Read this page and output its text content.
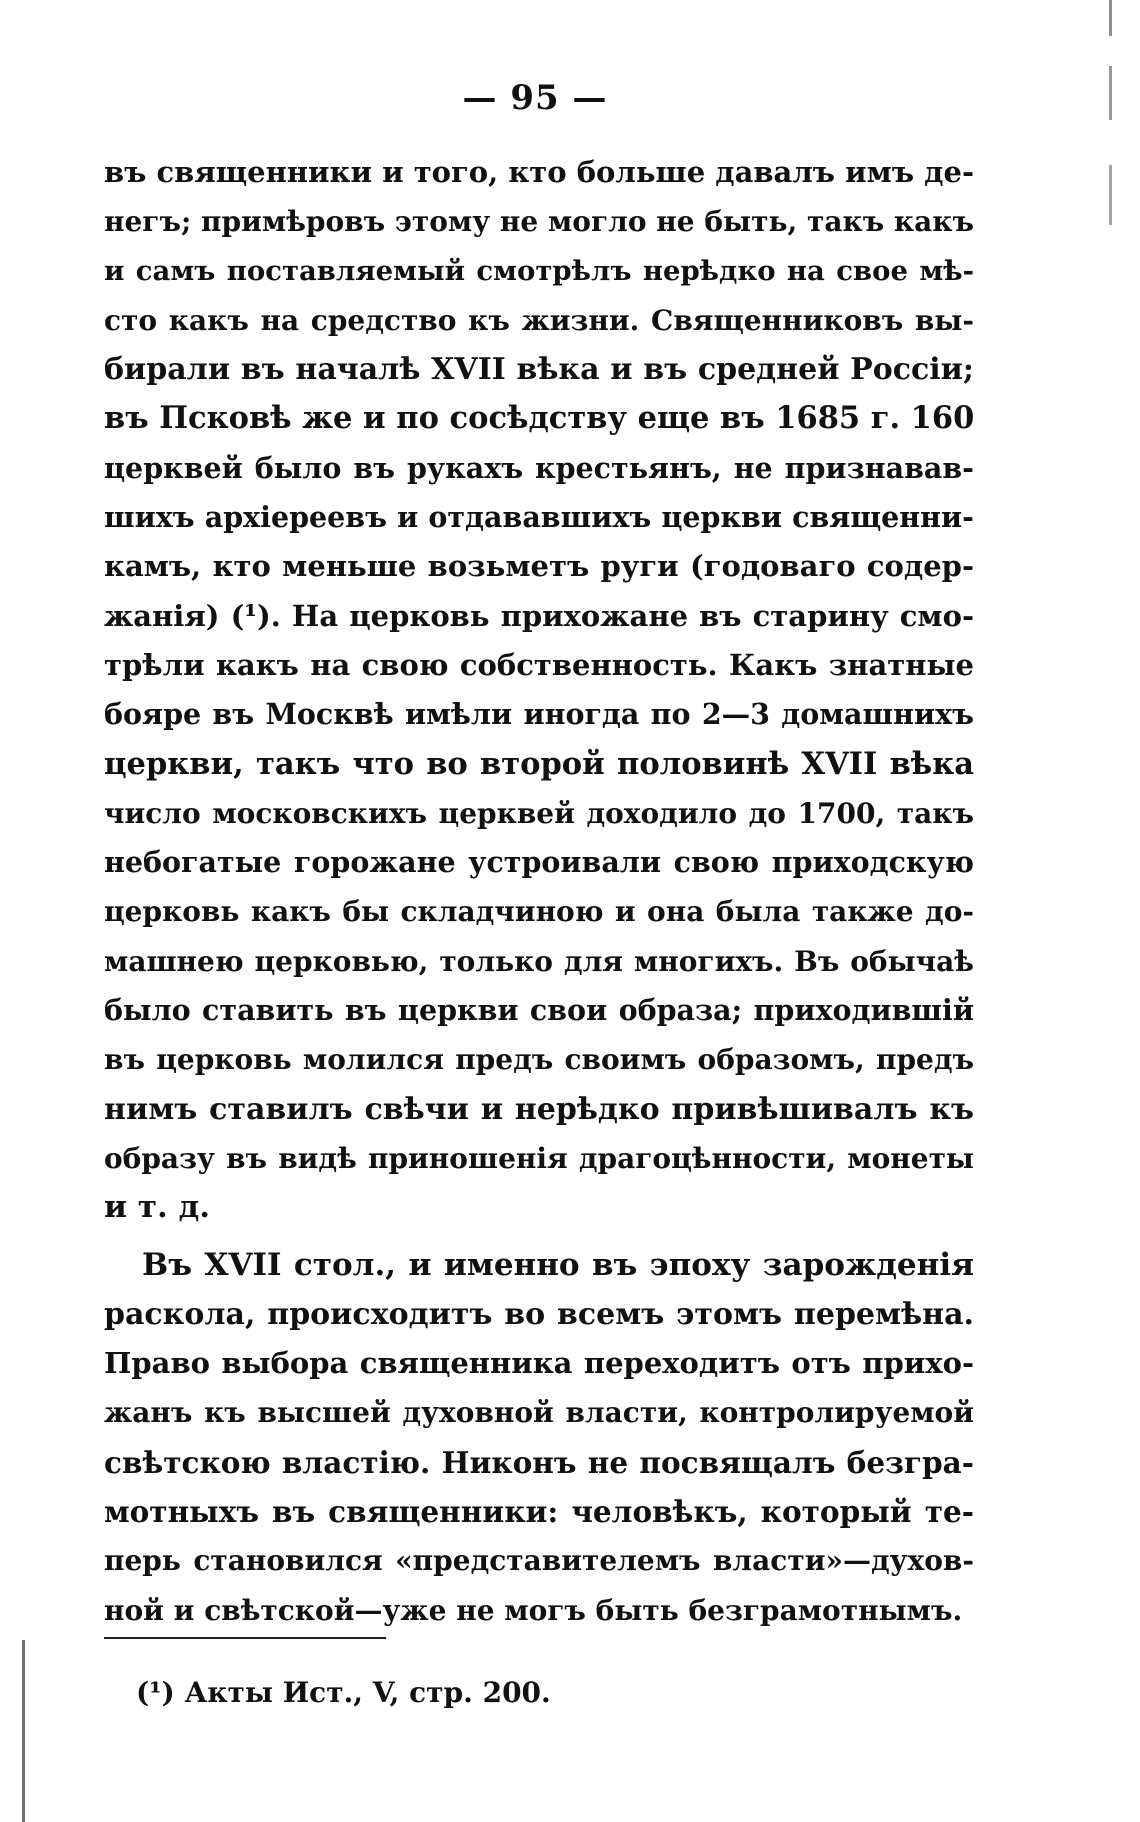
— 95 —
въ священники и того, кто больше давалъ имъ де-
негъ; примѣровъ этому не могло не быть, такъ какъ
и самъ поставляемый смотрѣлъ нерѣдко на свое мѣ-
сто какъ на средство къ жизни. Священниковъ вы-
бирали въ началѣ XVII вѣка и въ средней Россіи;
въ Псковѣ же и по сосѣдству еще въ 1685 г. 160
церквей было въ рукахъ крестьянъ, не признавав-
шихъ архіереевъ и отдававшихъ церкви священни-
камъ, кто меньше возьметъ руги (годоваго содер-
жанія) (¹). На церковь прихожане въ старину смо-
трѣли какъ на свою собственность. Какъ знатные
бояре въ Москвѣ имѣли иногда по 2—3 домашнихъ
церкви, такъ что во второй половинѣ XVII вѣка
число московскихъ церквей доходило до 1700, такъ
небогатые горожане устроивали свою приходскую
церковь какъ бы складчиною и она была также до-
машнею церковью, только для многихъ. Въ обычаѣ
было ставить въ церкви свои образа; приходившій
въ церковь молился предъ своимъ образомъ, предъ
нимъ ставилъ свѣчи и нерѣдко привѣшивалъ къ
образу въ видѣ приношенія драгоцѣнности, монеты
и т. д.
Въ XVII стол., и именно въ эпоху зарожденія
раскола, происходитъ во всемъ этомъ перемѣна.
Право выбора священника переходитъ отъ прихо-
жанъ къ высшей духовной власти, контролируемой
свѣтскою властію. Никонъ не посвящалъ безгра-
мотныхъ въ священники: человѣкъ, который те-
перь становился «представителемъ власти»—духов-
ной и свѣтской—уже не могъ быть безграмотнымъ.
(¹) Акты Ист., V, стр. 200.
